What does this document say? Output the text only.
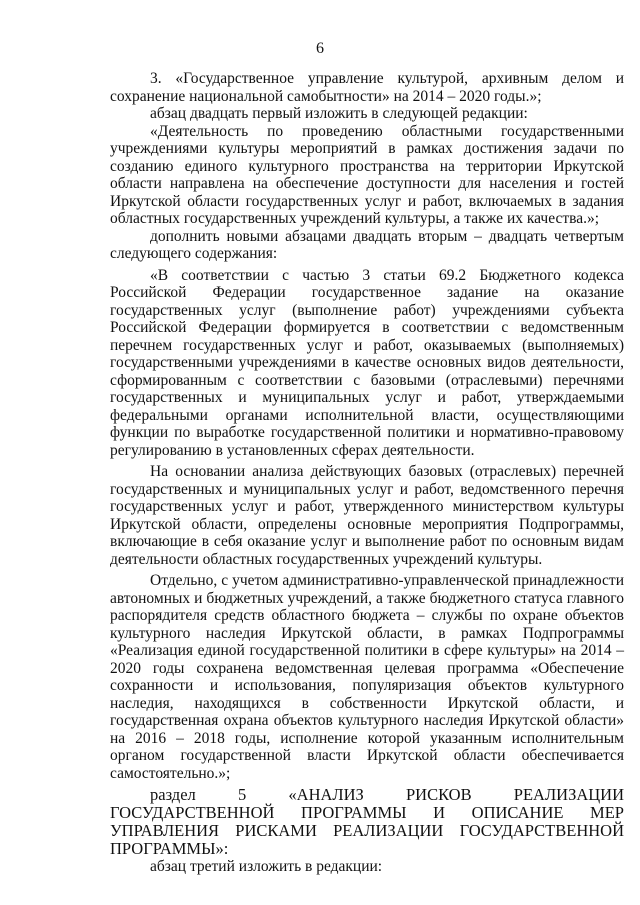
6

3. «Государственное управление культурой, архивным делом и сохранение национальной самобытности» на 2014 – 2020 годы.»;

абзац двадцать первый изложить в следующей редакции:

«Деятельность по проведению областными государственными учреждениями культуры мероприятий в рамках достижения задачи по созданию единого культурного пространства на территории Иркутской области направлена на обеспечение доступности для населения и гостей Иркутской области государственных услуг и работ, включаемых в задания областных государственных учреждений культуры, а также их качества.»;

дополнить новыми абзацами двадцать вторым – двадцать четвертым следующего содержания:

«В соответствии с частью 3 статьи 69.2 Бюджетного кодекса Российской Федерации государственное задание на оказание государственных услуг (выполнение работ) учреждениями субъекта Российской Федерации формируется в соответствии с ведомственным перечнем государственных услуг и работ, оказываемых (выполняемых) государственными учреждениями в качестве основных видов деятельности, сформированным с соответствии с базовыми (отраслевыми) перечнями государственных и муниципальных услуг и работ, утверждаемыми федеральными органами исполнительной власти, осуществляющими функции по выработке государственной политики и нормативно-правовому регулированию в установленных сферах деятельности.

На основании анализа действующих базовых (отраслевых) перечней государственных и муниципальных услуг и работ, ведомственного перечня государственных услуг и работ, утвержденного министерством культуры Иркутской области, определены основные мероприятия Подпрограммы, включающие в себя оказание услуг и выполнение работ по основным видам деятельности областных государственных учреждений культуры.

Отдельно, с учетом административно-управленческой принадлежности автономных и бюджетных учреждений, а также бюджетного статуса главного распорядителя средств областного бюджета – службы по охране объектов культурного наследия Иркутской области, в рамках Подпрограммы «Реализация единой государственной политики в сфере культуры» на 2014 – 2020 годы сохранена ведомственная целевая программа «Обеспечение сохранности и использования, популяризация объектов культурного наследия, находящихся в собственности Иркутской области, и государственная охрана объектов культурного наследия Иркутской области» на 2016 – 2018 годы, исполнение которой указанным исполнительным органом государственной власти Иркутской области обеспечивается самостоятельно.»;

раздел 5 «АНАЛИЗ РИСКОВ РЕАЛИЗАЦИИ ГОСУДАРСТВЕННОЙ ПРОГРАММЫ И ОПИСАНИЕ МЕР УПРАВЛЕНИЯ РИСКАМИ РЕАЛИЗАЦИИ ГОСУДАРСТВЕННОЙ ПРОГРАММЫ»:

абзац третий изложить в редакции:
